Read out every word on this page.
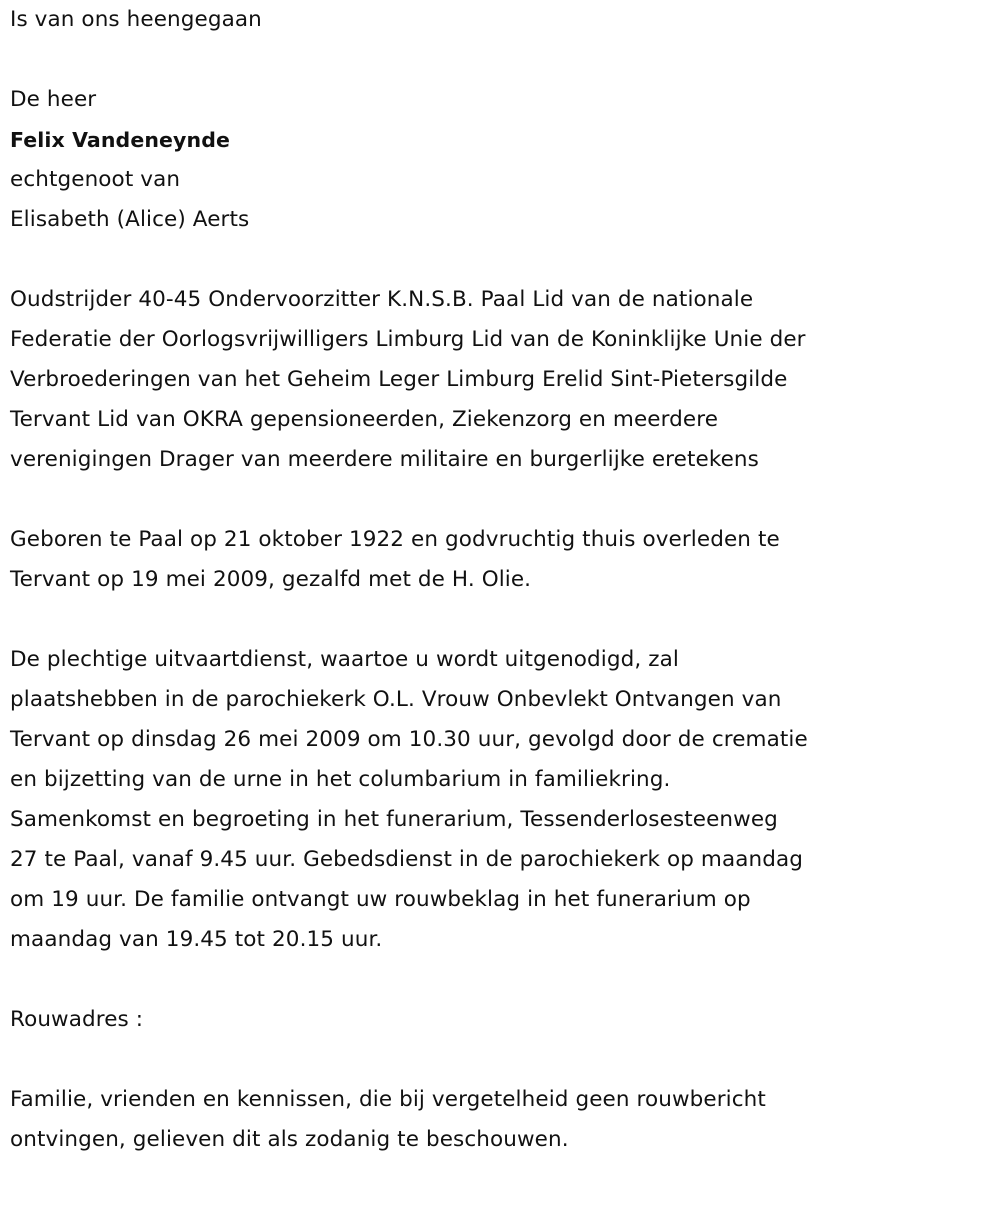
Is van ons heengegaan
De heer
Felix Vandeneynde
echtgenoot van
Elisabeth (Alice) Aerts
Oudstrijder 40-45 Ondervoorzitter K.N.S.B. Paal Lid van de nationale
Federatie der Oorlogsvrijwilligers Limburg Lid van de Koninklijke Unie der
Verbroederingen van het Geheim Leger Limburg Erelid Sint-Pietersgilde
Tervant Lid van OKRA gepensioneerden, Ziekenzorg en meerdere
verenigingen Drager van meerdere militaire en burgerlijke eretekens
Geboren te Paal op 21 oktober 1922 en godvruchtig thuis overleden te
Tervant op 19 mei 2009, gezalfd met de H. Olie.
De plechtige uitvaartdienst, waartoe u wordt uitgenodigd, zal
plaatshebben in de parochiekerk O.L. Vrouw Onbevlekt Ontvangen van
Tervant op dinsdag 26 mei 2009 om 10.30 uur, gevolgd door de crematie
en bijzetting van de urne in het columbarium in familiekring.
Samenkomst en begroeting in het funerarium, Tessenderlosesteenweg
27 te Paal, vanaf 9.45 uur. Gebedsdienst in de parochiekerk op maandag
om 19 uur. De familie ontvangt uw rouwbeklag in het funerarium op
maandag van 19.45 tot 20.15 uur.
Rouwadres :
Familie, vrienden en kennissen, die bij vergetelheid geen rouwbericht
ontvingen, gelieven dit als zodanig te beschouwen.
